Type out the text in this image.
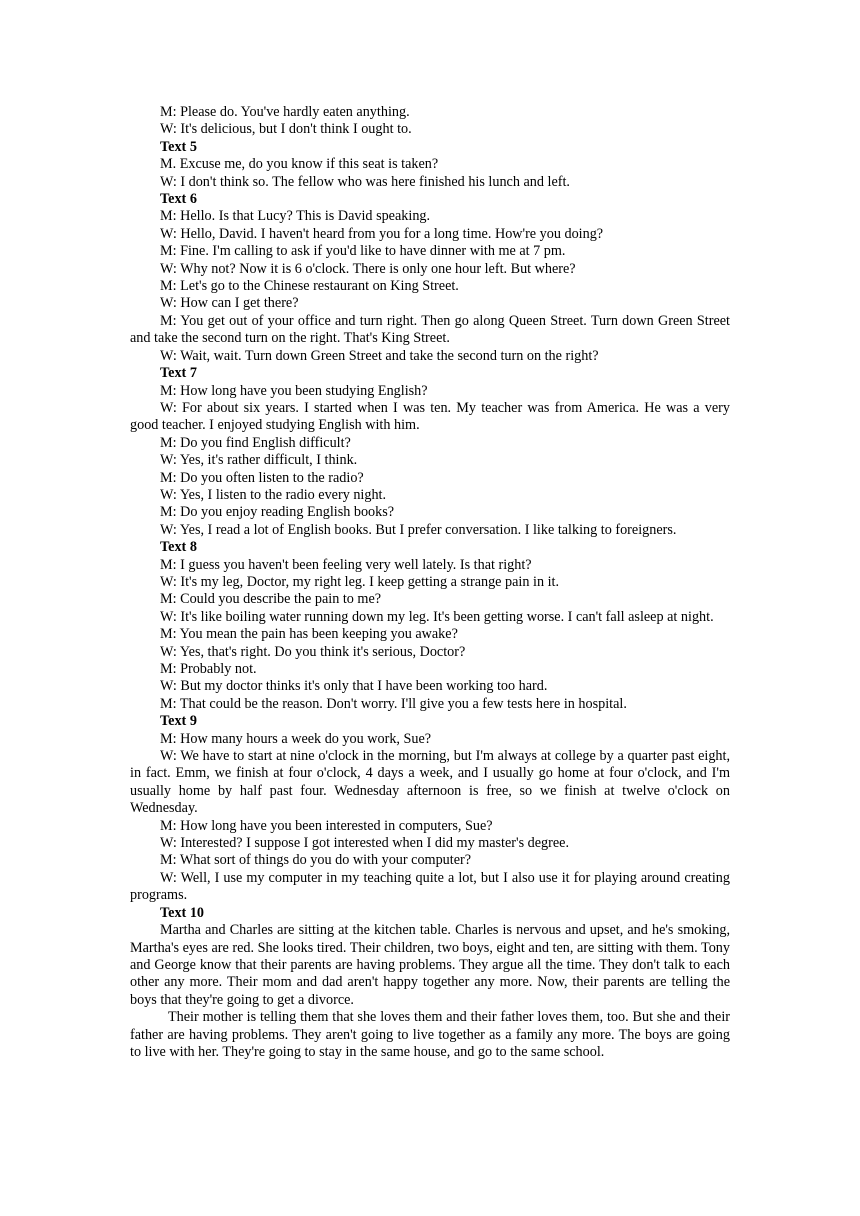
M: Please do. You've hardly eaten anything.

W: It's delicious, but I don't think I ought to.

Text 5

M. Excuse me, do you know if this seat is taken?

W: I don't think so. The fellow who was here finished his lunch and left.

Text 6

M: Hello. Is that Lucy? This is David speaking.

W: Hello, David. I haven't heard from you for a long time. How're you doing?

M: Fine. I'm calling to ask if you'd like to have dinner with me at 7 pm.

W: Why not? Now it is 6 o'clock. There is only one hour left. But where?

M: Let's go to the Chinese restaurant on King Street.

W: How can I get there?

M: You get out of your office and turn right. Then go along Queen Street. Turn down Green Street and take the second turn on the right. That's King Street.

W: Wait, wait. Turn down Green Street and take the second turn on the right?

Text 7

M: How long have you been studying English?

W: For about six years. I started when I was ten. My teacher was from America. He was a very good teacher. I enjoyed studying English with him.

M: Do you find English difficult?

W: Yes, it's rather difficult, I think.

M: Do you often listen to the radio?

W: Yes, I listen to the radio every night.

M: Do you enjoy reading English books?

W: Yes, I read a lot of English books. But I prefer conversation. I like talking to foreigners.

Text 8

M: I guess you haven't been feeling very well lately. Is that right?

W: It's my leg, Doctor, my right leg. I keep getting a strange pain in it.

M: Could you describe the pain to me?

W: It's like boiling water running down my leg. It's been getting worse. I can't fall asleep at night.

M: You mean the pain has been keeping you awake?

W: Yes, that's right. Do you think it's serious, Doctor?

M: Probably not.

W: But my doctor thinks it's only that I have been working too hard.

M: That could be the reason. Don't worry. I'll give you a few tests here in hospital.

Text 9

M: How many hours a week do you work, Sue?

W: We have to start at nine o'clock in the morning, but I'm always at college by a quarter past eight, in fact. Emm, we finish at four o'clock, 4 days a week, and I usually go home at four o'clock, and I'm usually home by half past four. Wednesday afternoon is free, so we finish at twelve o'clock on Wednesday.

M: How long have you been interested in computers, Sue?

W: Interested? I suppose I got interested when I did my master's degree.

M: What sort of things do you do with your computer?

W: Well, I use my computer in my teaching quite a lot, but I also use it for playing around creating programs.

Text 10

Martha and Charles are sitting at the kitchen table. Charles is nervous and upset, and he's smoking, Martha's eyes are red. She looks tired. Their children, two boys, eight and ten, are sitting with them. Tony and George know that their parents are having problems. They argue all the time. They don't talk to each other any more. Their mom and dad aren't happy together any more. Now, their parents are telling the boys that they're going to get a divorce.

Their mother is telling them that she loves them and their father loves them, too. But she and their father are having problems. They aren't going to live together as a family any more. The boys are going to live with her. They're going to stay in the same house, and go to the same school.
